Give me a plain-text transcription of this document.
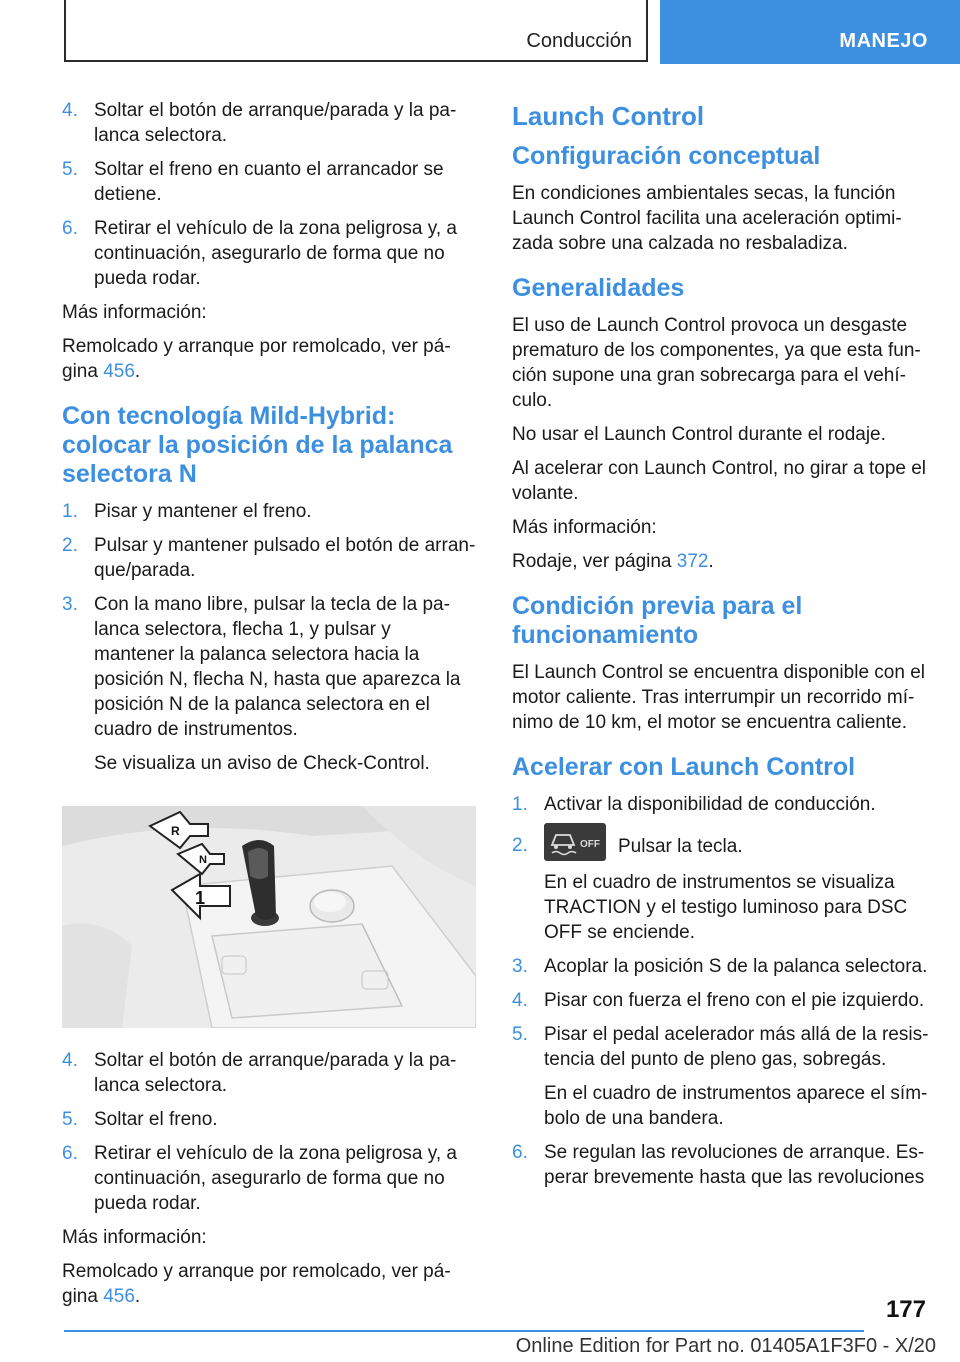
Conducción	MANEJO
4. Soltar el botón de arranque/parada y la palanca selectora.
5. Soltar el freno en cuanto el arrancador se detiene.
6. Retirar el vehículo de la zona peligrosa y, a continuación, asegurarlo de forma que no pueda rodar.
Más información:
Remolcado y arranque por remolcado, ver página 456.
Con tecnología Mild-Hybrid: colocar la posición de la palanca selectora N
1. Pisar y mantener el freno.
2. Pulsar y mantener pulsado el botón de arranque/parada.
3. Con la mano libre, pulsar la tecla de la palanca selectora, flecha 1, y pulsar y mantener la palanca selectora hacia la posición N, flecha N, hasta que aparezca la posición N de la palanca selectora en el cuadro de instrumentos.
Se visualiza un aviso de Check-Control.
R
N
1
4. Soltar el botón de arranque/parada y la palanca selectora.
5. Soltar el freno.
6. Retirar el vehículo de la zona peligrosa y, a continuación, asegurarlo de forma que no pueda rodar.
Más información:
Remolcado y arranque por remolcado, ver página 456.
Launch Control
Configuración conceptual
En condiciones ambientales secas, la función Launch Control facilita una aceleración optimizada sobre una calzada no resbaladiza.
Generalidades
El uso de Launch Control provoca un desgaste prematuro de los componentes, ya que esta función supone una gran sobrecarga para el vehículo.
No usar el Launch Control durante el rodaje.
Al acelerar con Launch Control, no girar a tope el volante.
Más información:
Rodaje, ver página 372.
Condición previa para el funcionamiento
El Launch Control se encuentra disponible con el motor caliente. Tras interrumpir un recorrido mínimo de 10 km, el motor se encuentra caliente.
Acelerar con Launch Control
1. Activar la disponibilidad de conducción.
2.	OFF Pulsar la tecla.
En el cuadro de instrumentos se visualiza TRACTION y el testigo luminoso para DSC OFF se enciende.
3. Acoplar la posición S de la palanca selectora.
4. Pisar con fuerza el freno con el pie izquierdo.
5. Pisar el pedal acelerador más allá de la resistencia del punto de pleno gas, sobregás.
En el cuadro de instrumentos aparece el símbolo de una bandera.
6. Se regulan las revoluciones de arranque. Esperar brevemente hasta que las revoluciones
177
Online Edition for Part no. 01405A1F3F0 - X/20
